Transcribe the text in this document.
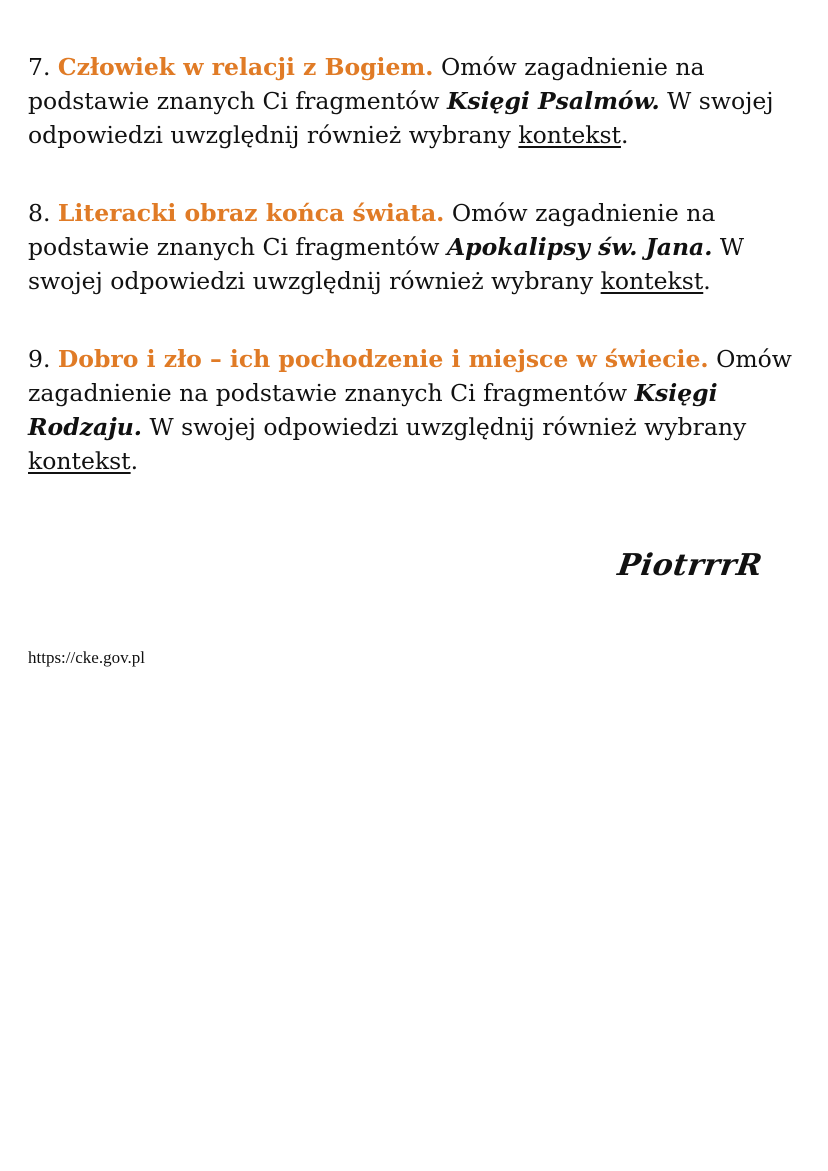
7. Człowiek w relacji z Bogiem. Omów zagadnienie na podstawie znanych Ci fragmentów Księgi Psalmów. W swojej odpowiedzi uwzględnij również wybrany kontekst.

8. Literacki obraz końca świata. Omów zagadnienie na podstawie znanych Ci fragmentów Apokalipsy św. Jana. W swojej odpowiedzi uwzględnij również wybrany kontekst.

9. Dobro i zło – ich pochodzenie i miejsce w świecie. Omów zagadnienie na podstawie znanych Ci fragmentów Księgi Rodzaju. W swojej odpowiedzi uwzględnij również wybrany kontekst.

PiotrrrR
https://cke.gov.pl
